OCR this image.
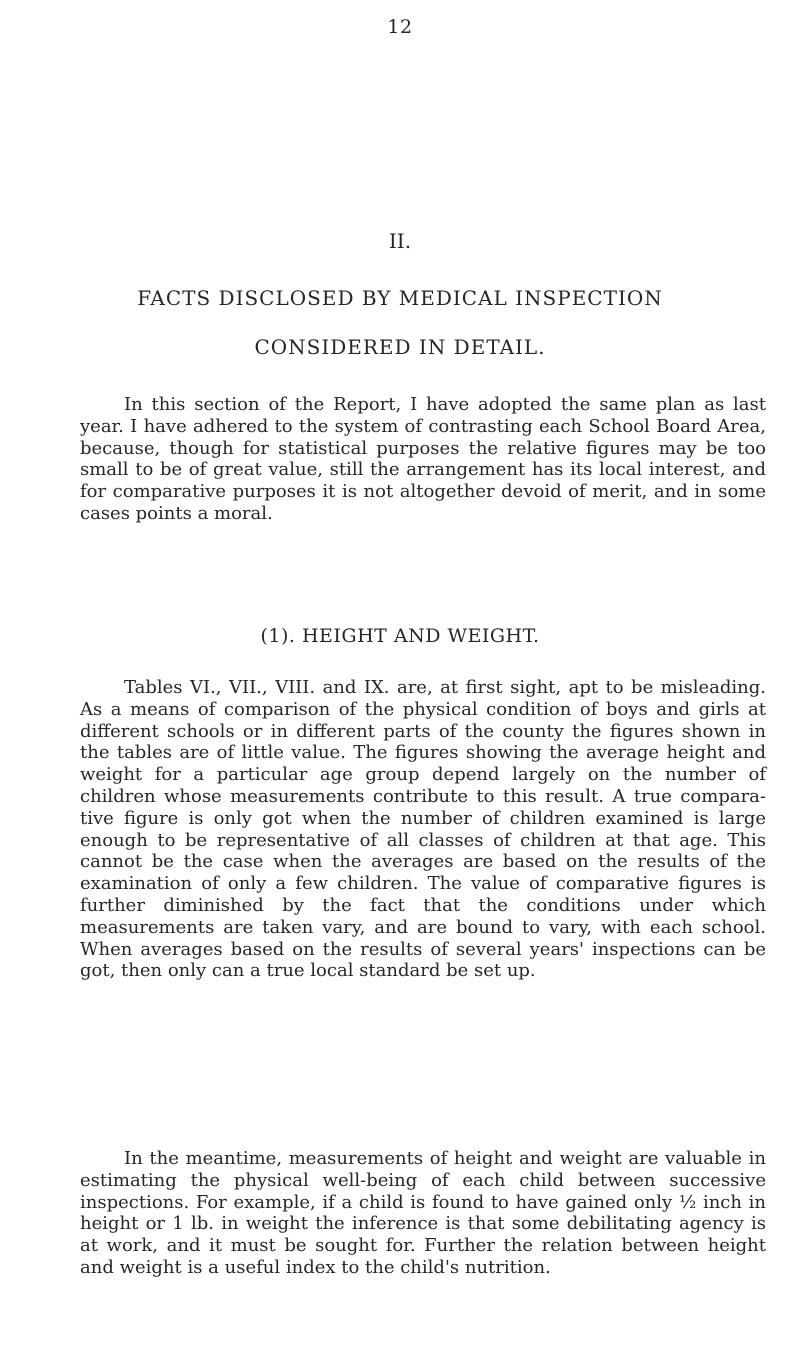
12
II.
FACTS DISCLOSED BY MEDICAL INSPECTION
CONSIDERED IN DETAIL.

In this section of the Report, I have adopted the same plan as last year. I have adhered to the system of contrasting each School Board Area, because, though for statistical purposes the relative figures may be too small to be of great value, still the arrangement has its local interest, and for comparative purposes it is not altogether devoid of merit, and in some cases points a moral.

(1). HEIGHT AND WEIGHT.

Tables VI., VII., VIII. and IX. are, at first sight, apt to be misleading. As a means of comparison of the physical condition of boys and girls at different schools or in different parts of the county the figures shown in the tables are of little value. The figures showing the average height and weight for a particular age group depend largely on the number of children whose measurements contribute to this result. A true compara- tive figure is only got when the number of children examined is large enough to be representative of all classes of children at that age. This cannot be the case when the averages are based on the results of the examination of only a few children. The value of comparative figures is further diminished by the fact that the conditions under which measurements are taken vary, and are bound to vary, with each school. When averages based on the results of several years' inspections can be got, then only can a true local standard be set up.

In the meantime, measurements of height and weight are valuable in estimating the physical well-being of each child between successive inspections. For example, if a child is found to have gained only ½ inch in height or 1 lb. in weight the inference is that some debilitating agency is at work, and it must be sought for. Further the relation between height and weight is a useful index to the child's nutrition.
